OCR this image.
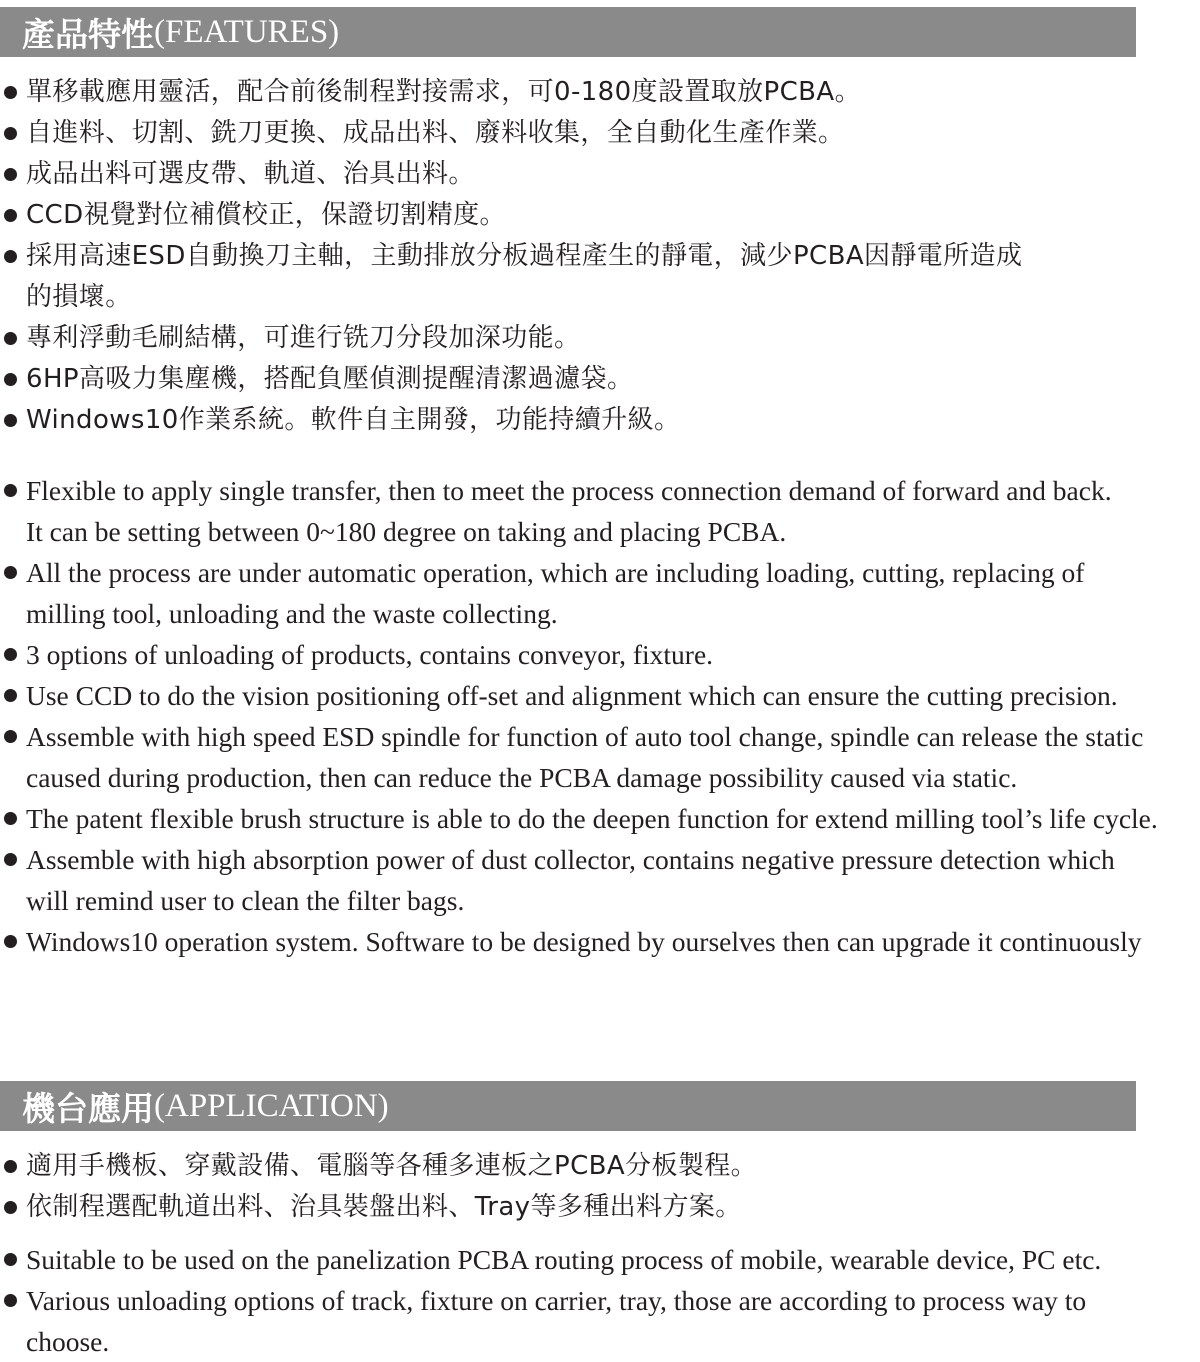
產品特性 (FEATURES)
單移載應用靈活，配合前後制程對接需求，可0-180度設置取放PCBA。
自進料、切割、銑刀更換、成品出料、廢料收集，全自動化生產作業。
成品出料可選皮帶、軌道、治具出料。
CCD視覺對位補償校正，保證切割精度。
採用高速ESD自動換刀主軸，主動排放分板過程產生的靜電，減少PCBA因靜電所造成
的損壞。
專利浮動毛刷結構，可進行铣刀分段加深功能。
6HP高吸力集塵機，搭配負壓偵測提醒清潔過濾袋。
Windows10作業系統。軟件自主開發，功能持續升級。
Flexible to apply single transfer, then to meet the process connection demand of forward and back.
It can be setting between 0~180 degree on taking and placing PCBA.
All the process are under automatic operation, which are including loading, cutting, replacing of
milling tool, unloading and the waste collecting.
3 options of unloading of products, contains conveyor, fixture.
Use CCD to do the vision positioning off-set and alignment which can ensure the cutting precision.
Assemble with high speed ESD spindle for function of auto tool change, spindle can release the static
caused during production, then can reduce the PCBA damage possibility caused via static.
The patent flexible brush structure is able to do the deepen function for extend milling tool’s life cycle.
Assemble with high absorption power of dust collector, contains negative pressure detection which
will remind user to clean the filter bags.
Windows10 operation system. Software to be designed by ourselves then can upgrade it continuously
機台應用 (APPLICATION)
適用手機板、穿戴設備、電腦等各種多連板之PCBA分板製程。
依制程選配軌道出料、治具裝盤出料、Tray等多種出料方案。
Suitable to be used on the panelization PCBA routing process of mobile, wearable device, PC etc.
Various unloading options of track, fixture on carrier, tray, those are according to process way to
choose.
